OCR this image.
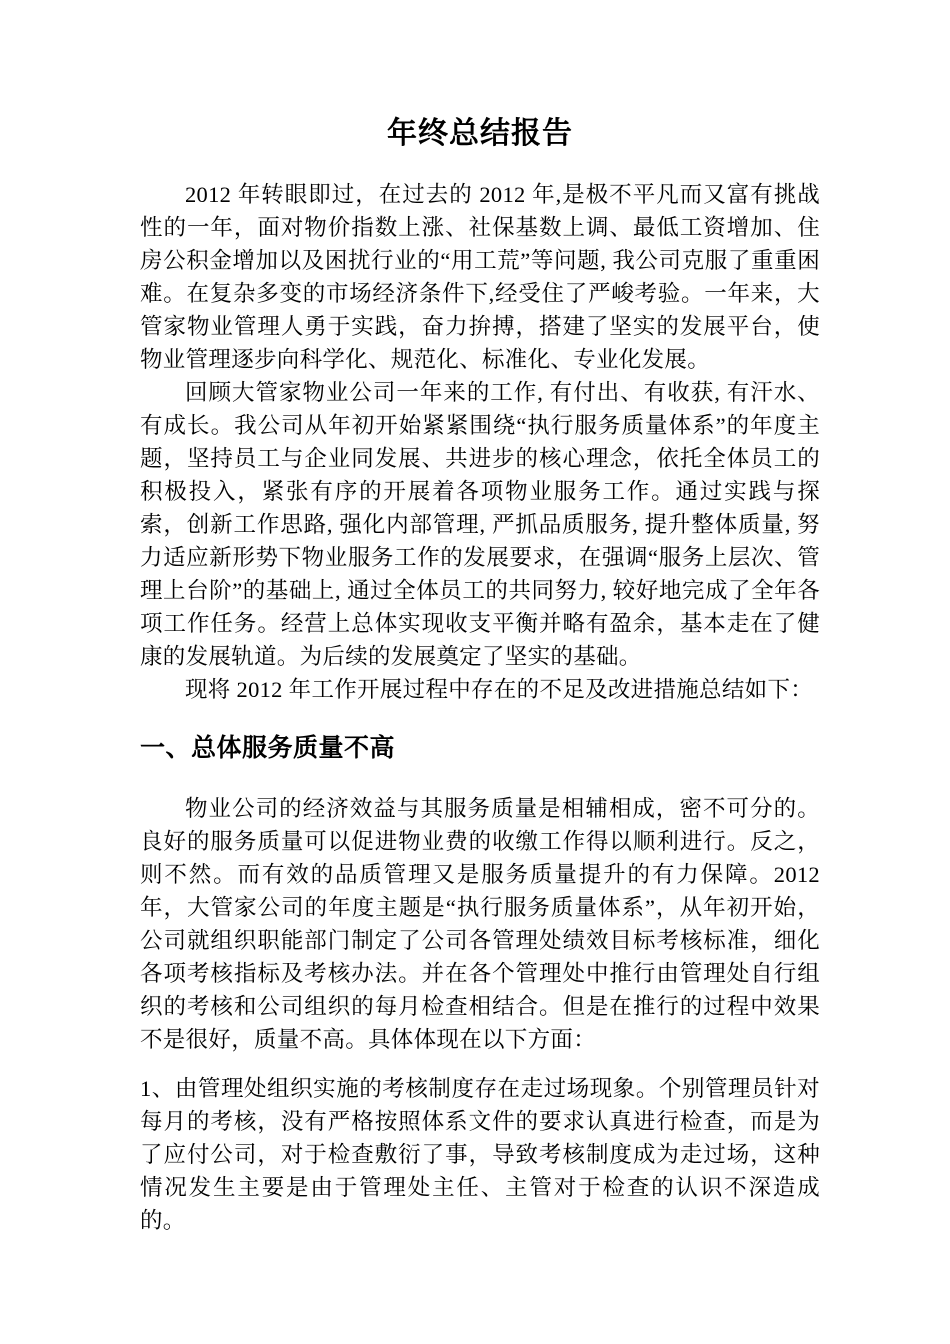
年终总结报告

2012 年转眼即过，在过去的 2012 年,是极不平凡而又富有挑战性的一年，面对物价指数上涨、社保基数上调、最低工资增加、住房公积金增加以及困扰行业的“用工荒”等问题, 我公司克服了重重困难。在复杂多变的市场经济条件下,经受住了严峻考验。一年来，大管家物业管理人勇于实践，奋力拚搏，搭建了坚实的发展平台，使物业管理逐步向科学化、规范化、标准化、专业化发展。

回顾大管家物业公司一年来的工作, 有付出、有收获, 有汗水、有成长。我公司从年初开始紧紧围绕“执行服务质量体系”的年度主题，坚持员工与企业同发展、共进步的核心理念，依托全体员工的积极投入，紧张有序的开展着各项物业服务工作。通过实践与探索，创新工作思路, 强化内部管理, 严抓品质服务, 提升整体质量, 努力适应新形势下物业服务工作的发展要求，在强调“服务上层次、管理上台阶”的基础上, 通过全体员工的共同努力, 较好地完成了全年各项工作任务。经营上总体实现收支平衡并略有盈余，基本走在了健康的发展轨道。为后续的发展奠定了坚实的基础。

现将 2012 年工作开展过程中存在的不足及改进措施总结如下：

一、总体服务质量不高

物业公司的经济效益与其服务质量是相辅相成，密不可分的。良好的服务质量可以促进物业费的收缴工作得以顺利进行。反之，则不然。而有效的品质管理又是服务质量提升的有力保障。2012 年，大管家公司的年度主题是“执行服务质量体系”，从年初开始，公司就组织职能部门制定了公司各管理处绩效目标考核标准，细化各项考核指标及考核办法。并在各个管理处中推行由管理处自行组织的考核和公司组织的每月检查相结合。但是在推行的过程中效果不是很好，质量不高。具体体现在以下方面：

1、由管理处组织实施的考核制度存在走过场现象。个别管理员针对每月的考核，没有严格按照体系文件的要求认真进行检查，而是为了应付公司，对于检查敷衍了事，导致考核制度成为走过场，这种情况发生主要是由于管理处主任、主管对于检查的认识不深造成的。
